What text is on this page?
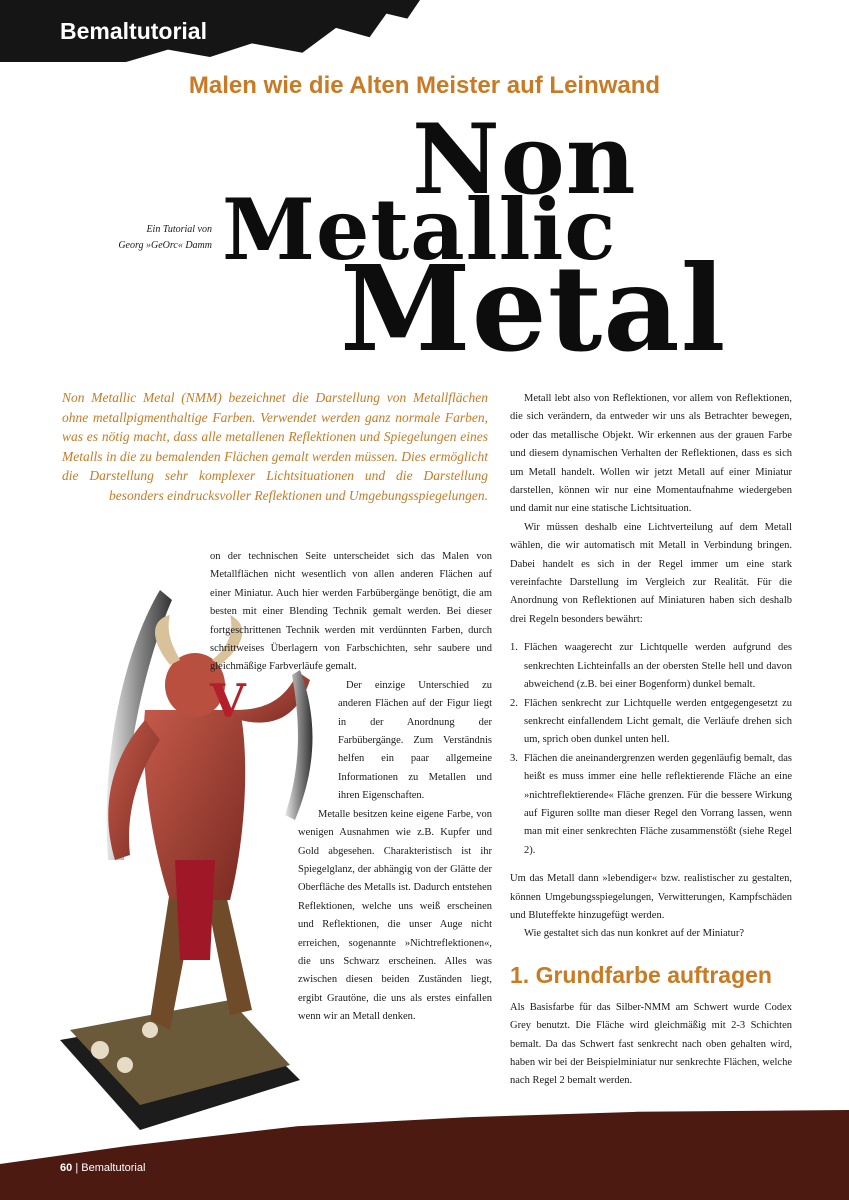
Bemaltutorial
Malen wie die Alten Meister auf Leinwand
Non
Metallic
Metal
Ein Tutorial von
Georg »GeOrc« Damm
Non Metallic Metal (NMM) bezeichnet die Darstellung von Metallflächen ohne metallpigmenthaltige Farben. Verwendet werden ganz normale Farben, was es nötig macht, dass alle metallenen Reflektionen und Spiegelungen eines Metalls in die zu bemalenden Flächen gemalt werden müssen. Dies ermöglicht die Darstellung sehr komplexer Lichtsituationen und die Darstellung besonders eindrucksvoller Reflektionen und Umgebungsspiegelungen.
V

on der technischen Seite unterscheidet sich das Malen von Metallflächen nicht wesentlich von allen anderen Flächen auf einer Miniatur. Auch hier werden Farbübergänge benötigt, die am besten mit einer Blending Technik gemalt werden. Bei dieser fortgeschrittenen Technik werden mit verdünnten Farben, durch schrittweises Überlagern von Farbschichten, sehr saubere und gleichmäßige Farbverläufe gemalt.

Der einzige Unterschied zu anderen Flächen auf der Figur liegt in der Anordnung der Farbübergänge. Zum Verständnis helfen ein paar allgemeine Informationen zu Metallen und ihren Eigenschaften.

Metalle besitzen keine eigene Farbe, von wenigen Ausnahmen wie z.B. Kupfer und Gold abgesehen. Charakteristisch ist ihr Spiegelglanz, der abhängig von der Glätte der Oberfläche des Metalls ist. Dadurch entstehen Reflektionen, welche uns weiß erscheinen und Reflektionen, die unser Auge nicht erreichen, sogenannte »Nichtreflektionen«, die uns Schwarz erscheinen. Alles was zwischen diesen beiden Zuständen liegt, ergibt Grautöne, die uns als erstes einfallen wenn wir an Metall denken.

Metall lebt also von Reflektionen, vor allem von Reflektionen, die sich verändern, da entweder wir uns als Betrachter bewegen, oder das metallische Objekt. Wir erkennen aus der grauen Farbe und diesem dynamischen Verhalten der Reflektionen, dass es sich um Metall handelt. Wollen wir jetzt Metall auf einer Miniatur darstellen, können wir nur eine Momentaufnahme wiedergeben und damit nur eine statische Lichtsituation.

Wir müssen deshalb eine Lichtverteilung auf dem Metall wählen, die wir automatisch mit Metall in Verbindung bringen. Dabei handelt es sich in der Regel immer um eine stark vereinfachte Darstellung im Vergleich zur Realität. Für die Anordnung von Reflektionen auf Miniaturen haben sich deshalb drei Regeln besonders bewährt:

1. Flächen waagerecht zur Lichtquelle werden aufgrund des senkrechten Lichteinfalls an der obersten Stelle hell und davon abweichend (z.B. bei einer Bogenform) dunkel bemalt.
2. Flächen senkrecht zur Lichtquelle werden entgegengesetzt zu senkrecht einfallendem Licht gemalt, die Verläufe drehen sich um, sprich oben dunkel unten hell.
3. Flächen die aneinandergrenzen werden gegenläufig bemalt, das heißt es muss immer eine helle reflektierende Fläche an eine »nichtreflektierende« Fläche grenzen. Für die bessere Wirkung auf Figuren sollte man dieser Regel den Vorrang lassen, wenn man mit einer senkrechten Fläche zusammenstößt (siehe Regel 2).

Um das Metall dann »lebendiger« bzw. realistischer zu gestalten, können Umgebungsspiegelungen, Verwitterungen, Kampfschäden und Bluteffekte hinzugefügt werden.

Wie gestaltet sich das nun konkret auf der Miniatur?

1. Grundfarbe auftragen

Als Basisfarbe für das Silber-NMM am Schwert wurde Codex Grey benutzt. Die Fläche wird gleichmäßig mit 2-3 Schichten bemalt. Da das Schwert fast senkrecht nach oben gehalten wird, haben wir bei der Beispielminiatur nur senkrechte Flächen, welche nach Regel 2 bemalt werden.

60 | Bemaltutorial
